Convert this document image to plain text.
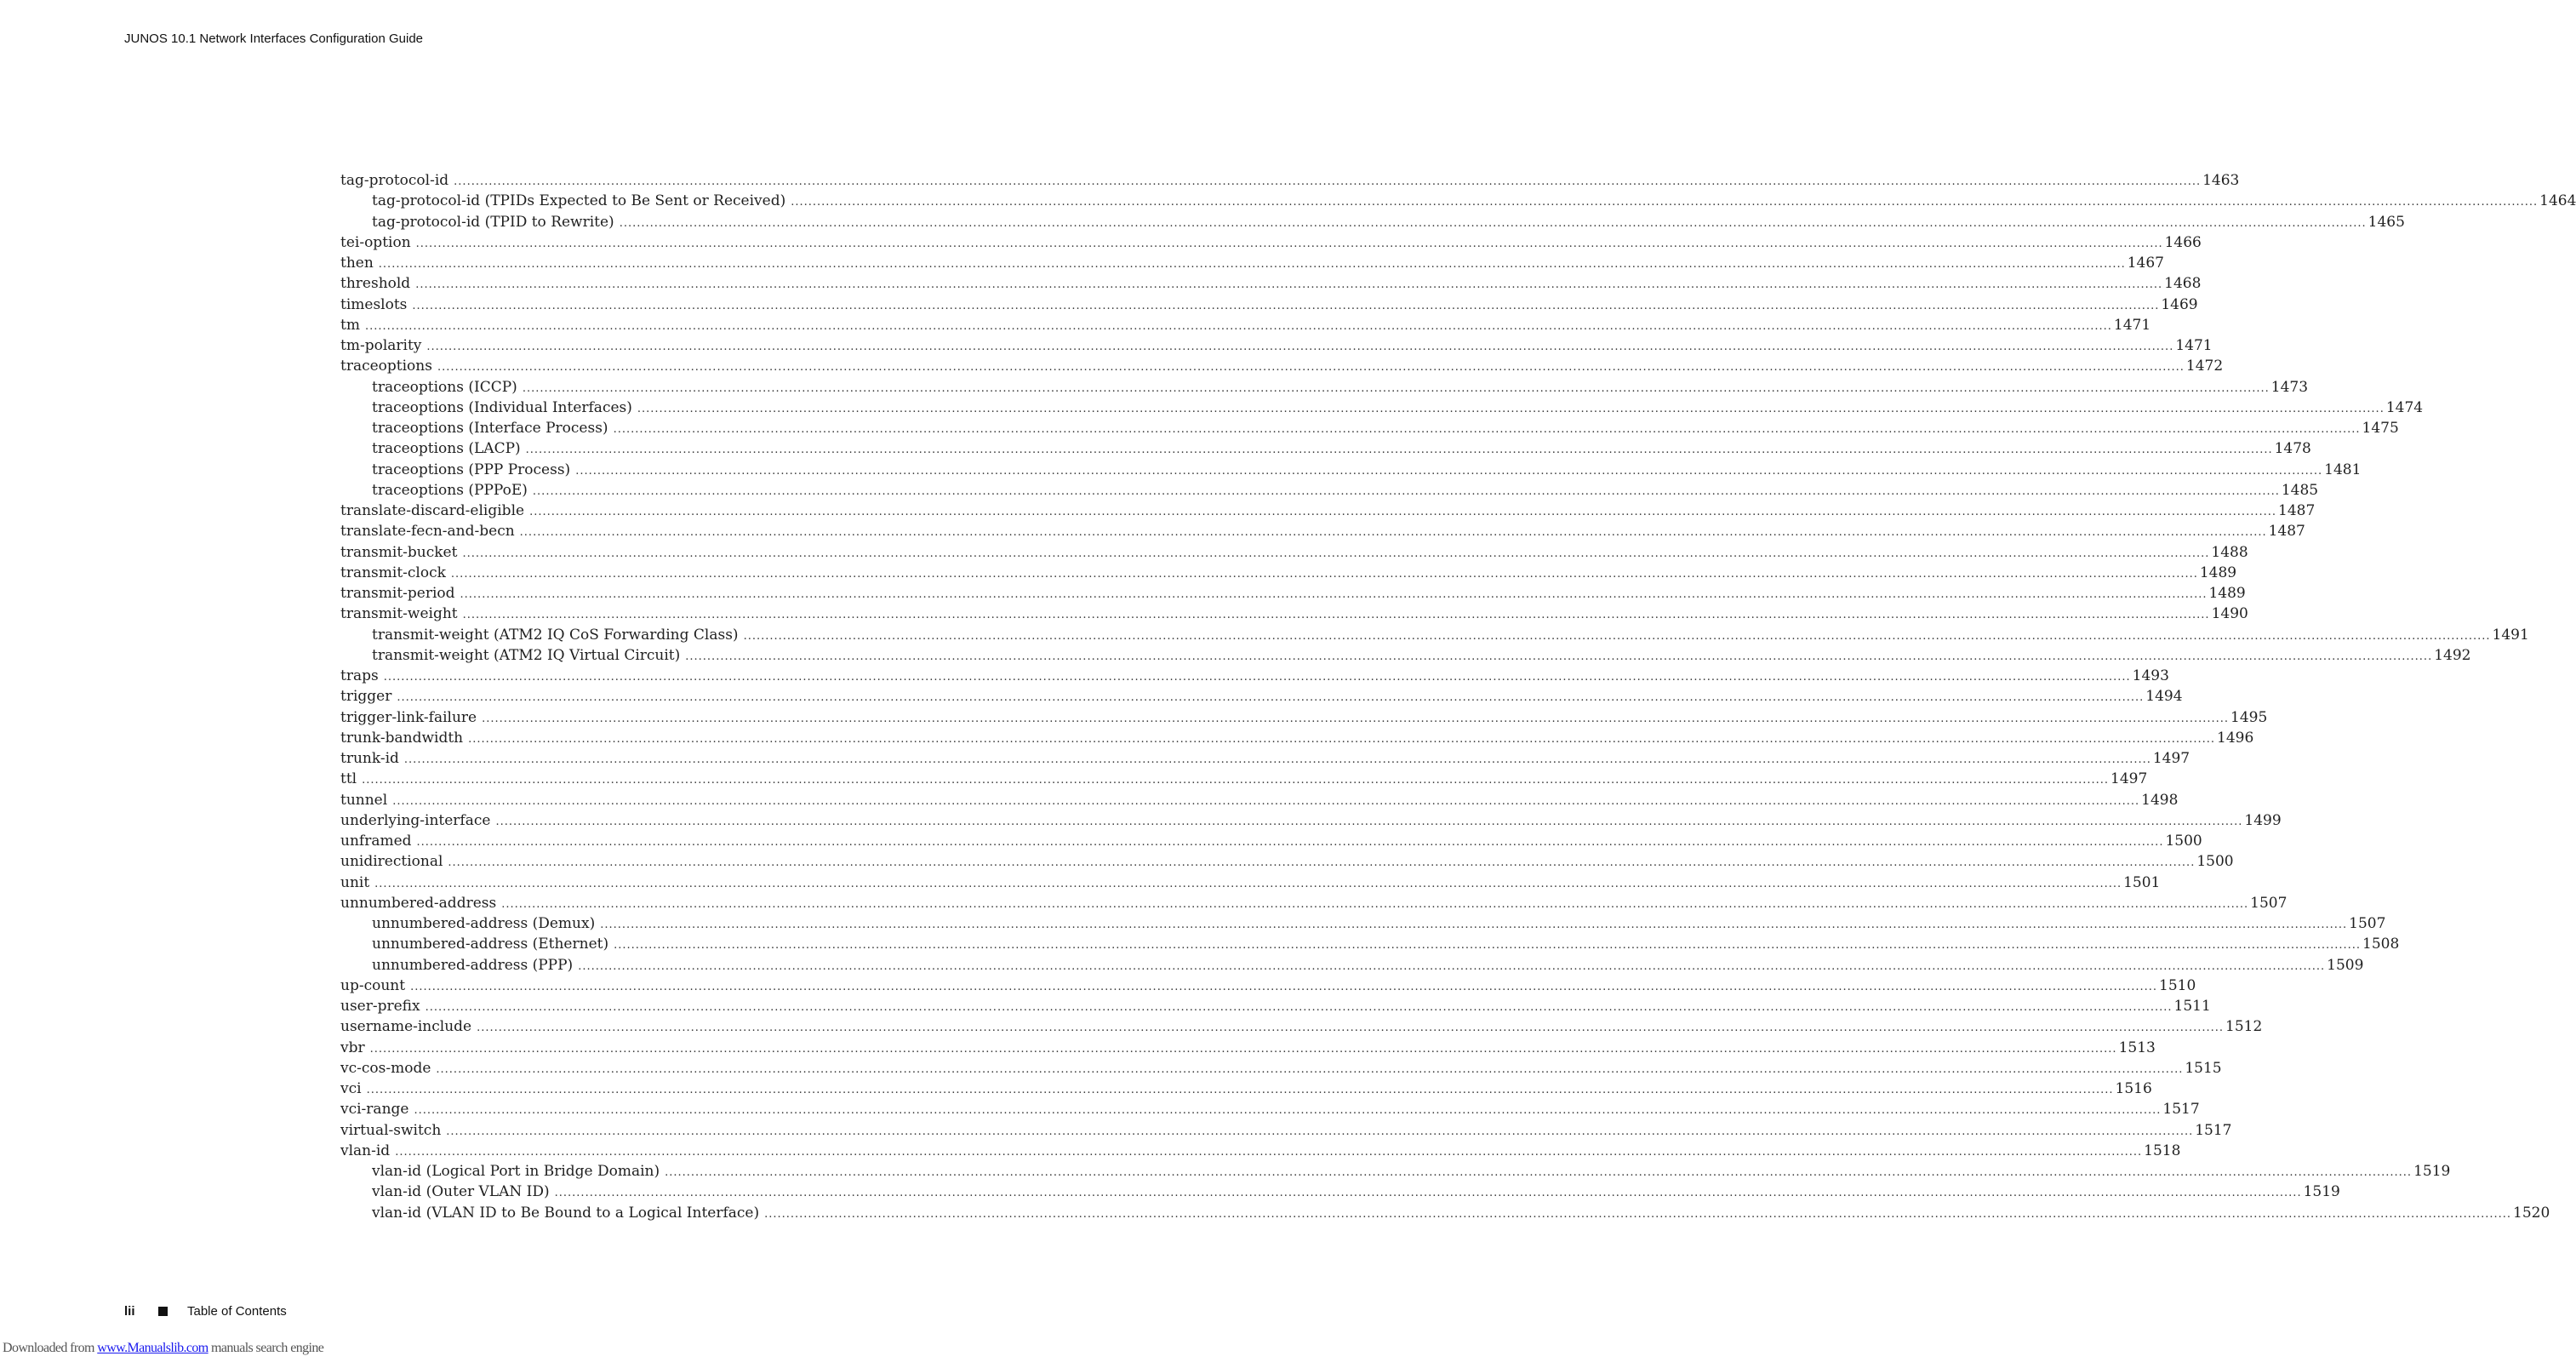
JUNOS 10.1 Network Interfaces Configuration Guide
tag-protocol-id ................................................................................................................................................................................................................................................................................................................................................................................................................ 1463
tag-protocol-id (TPIDs Expected to Be Sent or Received) ................................................................................................................................................................................................................................................................................................................................................................................................................ 1464
tag-protocol-id (TPID to Rewrite) ................................................................................................................................................................................................................................................................................................................................................................................................................ 1465
tei-option ................................................................................................................................................................................................................................................................................................................................................................................................................ 1466
then ................................................................................................................................................................................................................................................................................................................................................................................................................ 1467
threshold ................................................................................................................................................................................................................................................................................................................................................................................................................ 1468
timeslots ................................................................................................................................................................................................................................................................................................................................................................................................................ 1469
tm ................................................................................................................................................................................................................................................................................................................................................................................................................ 1471
tm-polarity ................................................................................................................................................................................................................................................................................................................................................................................................................ 1471
traceoptions ................................................................................................................................................................................................................................................................................................................................................................................................................ 1472
traceoptions (ICCP) ................................................................................................................................................................................................................................................................................................................................................................................................................ 1473
traceoptions (Individual Interfaces) ................................................................................................................................................................................................................................................................................................................................................................................................................ 1474
traceoptions (Interface Process) ................................................................................................................................................................................................................................................................................................................................................................................................................ 1475
traceoptions (LACP) ................................................................................................................................................................................................................................................................................................................................................................................................................ 1478
traceoptions (PPP Process) ................................................................................................................................................................................................................................................................................................................................................................................................................ 1481
traceoptions (PPPoE) ................................................................................................................................................................................................................................................................................................................................................................................................................ 1485
translate-discard-eligible ................................................................................................................................................................................................................................................................................................................................................................................................................ 1487
translate-fecn-and-becn ................................................................................................................................................................................................................................................................................................................................................................................................................ 1487
transmit-bucket ................................................................................................................................................................................................................................................................................................................................................................................................................ 1488
transmit-clock ................................................................................................................................................................................................................................................................................................................................................................................................................ 1489
transmit-period ................................................................................................................................................................................................................................................................................................................................................................................................................ 1489
transmit-weight ................................................................................................................................................................................................................................................................................................................................................................................................................ 1490
transmit-weight (ATM2 IQ CoS Forwarding Class) ................................................................................................................................................................................................................................................................................................................................................................................................................ 1491
transmit-weight (ATM2 IQ Virtual Circuit) ................................................................................................................................................................................................................................................................................................................................................................................................................ 1492
traps ................................................................................................................................................................................................................................................................................................................................................................................................................ 1493
trigger ................................................................................................................................................................................................................................................................................................................................................................................................................ 1494
trigger-link-failure ................................................................................................................................................................................................................................................................................................................................................................................................................ 1495
trunk-bandwidth ................................................................................................................................................................................................................................................................................................................................................................................................................ 1496
trunk-id ................................................................................................................................................................................................................................................................................................................................................................................................................ 1497
ttl ................................................................................................................................................................................................................................................................................................................................................................................................................ 1497
tunnel ................................................................................................................................................................................................................................................................................................................................................................................................................ 1498
underlying-interface ................................................................................................................................................................................................................................................................................................................................................................................................................ 1499
unframed ................................................................................................................................................................................................................................................................................................................................................................................................................ 1500
unidirectional ................................................................................................................................................................................................................................................................................................................................................................................................................ 1500
unit ................................................................................................................................................................................................................................................................................................................................................................................................................ 1501
unnumbered-address ................................................................................................................................................................................................................................................................................................................................................................................................................ 1507
unnumbered-address (Demux) ................................................................................................................................................................................................................................................................................................................................................................................................................ 1507
unnumbered-address (Ethernet) ................................................................................................................................................................................................................................................................................................................................................................................................................ 1508
unnumbered-address (PPP) ................................................................................................................................................................................................................................................................................................................................................................................................................ 1509
up-count ................................................................................................................................................................................................................................................................................................................................................................................................................ 1510
user-prefix ................................................................................................................................................................................................................................................................................................................................................................................................................ 1511
username-include ................................................................................................................................................................................................................................................................................................................................................................................................................ 1512
vbr ................................................................................................................................................................................................................................................................................................................................................................................................................ 1513
vc-cos-mode ................................................................................................................................................................................................................................................................................................................................................................................................................ 1515
vci ................................................................................................................................................................................................................................................................................................................................................................................................................ 1516
vci-range ................................................................................................................................................................................................................................................................................................................................................................................................................ 1517
virtual-switch ................................................................................................................................................................................................................................................................................................................................................................................................................ 1517
vlan-id ................................................................................................................................................................................................................................................................................................................................................................................................................ 1518
vlan-id (Logical Port in Bridge Domain) ................................................................................................................................................................................................................................................................................................................................................................................................................ 1519
vlan-id (Outer VLAN ID) ................................................................................................................................................................................................................................................................................................................................................................................................................ 1519
vlan-id (VLAN ID to Be Bound to a Logical Interface) ................................................................................................................................................................................................................................................................................................................................................................................................................ 1520
lii	Table of Contents
Downloaded from www.Manualslib.com manuals search engine
